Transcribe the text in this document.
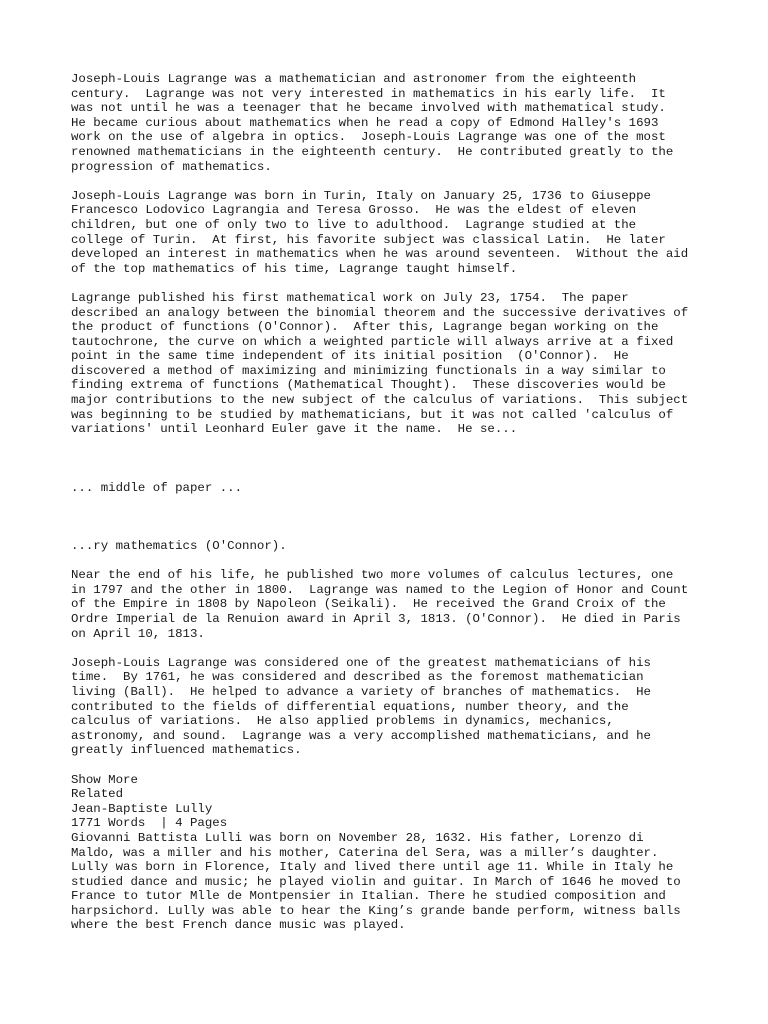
Joseph-Louis Lagrange was a mathematician and astronomer from the eighteenth
century.  Lagrange was not very interested in mathematics in his early life.  It
was not until he was a teenager that he became involved with mathematical study.
He became curious about mathematics when he read a copy of Edmond Halley's 1693
work on the use of algebra in optics.  Joseph-Louis Lagrange was one of the most
renowned mathematicians in the eighteenth century.  He contributed greatly to the
progression of mathematics.

Joseph-Louis Lagrange was born in Turin, Italy on January 25, 1736 to Giuseppe
Francesco Lodovico Lagrangia and Teresa Grosso.  He was the eldest of eleven
children, but one of only two to live to adulthood.  Lagrange studied at the
college of Turin.  At first, his favorite subject was classical Latin.  He later
developed an interest in mathematics when he was around seventeen.  Without the aid
of the top mathematics of his time, Lagrange taught himself.

Lagrange published his first mathematical work on July 23, 1754.  The paper
described an analogy between the binomial theorem and the successive derivatives of
the product of functions (O'Connor).  After this, Lagrange began working on the
tautochrone, the curve on which a weighted particle will always arrive at a fixed
point in the same time independent of its initial position  (O'Connor).  He
discovered a method of maximizing and minimizing functionals in a way similar to
finding extrema of functions (Mathematical Thought).  These discoveries would be
major contributions to the new subject of the calculus of variations.  This subject
was beginning to be studied by mathematicians, but it was not called 'calculus of
variations' until Leonhard Euler gave it the name.  He se...

... middle of paper ...

...ry mathematics (O'Connor).

Near the end of his life, he published two more volumes of calculus lectures, one
in 1797 and the other in 1800.  Lagrange was named to the Legion of Honor and Count
of the Empire in 1808 by Napoleon (Seikali).  He received the Grand Croix of the
Ordre Imperial de la Renuion award in April 3, 1813. (O'Connor).  He died in Paris
on April 10, 1813.

Joseph-Louis Lagrange was considered one of the greatest mathematicians of his
time.  By 1761, he was considered and described as the foremost mathematician
living (Ball).  He helped to advance a variety of branches of mathematics.  He
contributed to the fields of differential equations, number theory, and the
calculus of variations.  He also applied problems in dynamics, mechanics,
astronomy, and sound.  Lagrange was a very accomplished mathematicians, and he
greatly influenced mathematics.

Show More

Related

Jean-Baptiste Lully

1771 Words  | 4 Pages

Giovanni Battista Lulli was born on November 28, 1632. His father, Lorenzo di
Maldo, was a miller and his mother, Caterina del Sera, was a miller’s daughter.
Lully was born in Florence, Italy and lived there until age 11. While in Italy he
studied dance and music; he played violin and guitar. In March of 1646 he moved to
France to tutor Mlle de Montpensier in Italian. There he studied composition and
harpsichord. Lully was able to hear the King’s grande bande perform, witness balls
where the best French dance music was played.
